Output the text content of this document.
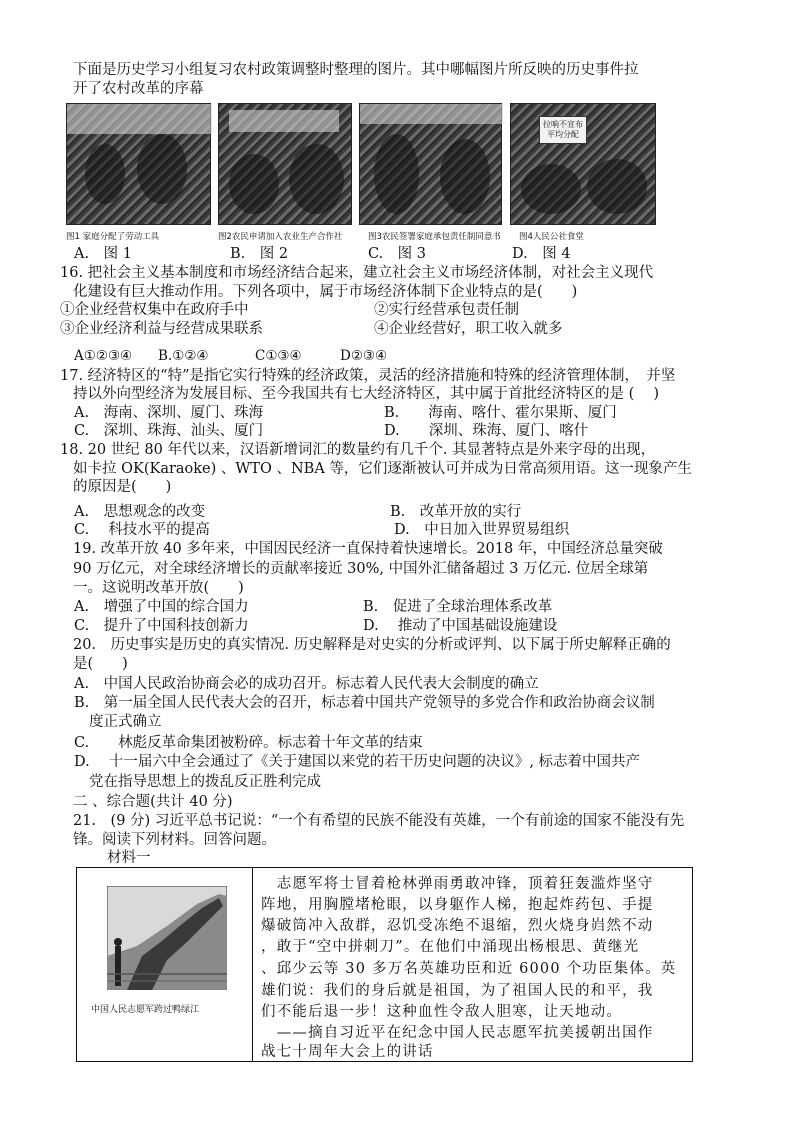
下面是历史学习小组复习农村政策调整时整理的图片。其中哪幅图片所反映的历史事件拉
开了农村改革的序幕
拉响不宣布 平均分配
图1 家庭分配了劳动工具	图2农民申请加入农业生产合作社	图3农民签署家庭承包责任制同意书 图4人民公社食堂
A.　图 1	B.　图 2	C.　图 3	D.　图 4
16. 把社会主义基本制度和市场经济结合起来，建立社会主义市场经济体制，对社会主义现代
化建设有巨大推动作用。下列各项中，属于市场经济体制下企业特点的是(　　)
①企业经营权集中在政府手中	②实行经营承包责任制
③企业经济利益与经营成果联系	④企业经营好，职工收入就多
A①②③④ B.①②④	C①③④	D②③④
17. 经济特区的“特”是指它实行特殊的经济政策，灵活的经济措施和特殊的经济管理体制，　并坚
持以外向型经济为发展目标、至今我国共有七大经济特区，其中属于首批经济特区的是 (　 )
A.　海南、深圳、厦门、珠海	B.　　海南、喀什、霍尔果斯、厦门
C.　深圳、珠海、汕头、厦门	D.　　深圳、珠海、厦门、喀什
18. 20 世纪 80 年代以来，汉语新增词汇的数量约有几千个. 其显著特点是外来字母的出现，
如卡拉 OK(Karaoke) 、WTO 、NBA 等，它们逐渐被认可并成为日常高须用语。这一现象产生
的原因是(　　)
A.　思想观念的改变	B.　改革开放的实行
C.　 科技水平的提高	D.　中日加入世界贸易组织
19. 改革开放 40 多年来，中国因民经济一直保持着快速增长。2018 年，中国经济总量突破
90 万亿元，对全球经济增长的贡献率接近 30%, 中国外汇储备超过 3 万亿元. 位居全球第
一。这说明改革开放(　　)
A.　增强了中国的综合国力	B.　促进了全球治理体系改革
C.　提升了中国科技创新力	D.　 推动了中国基础设施建设
20.　历史事实是历史的真实情况. 历史解释是对史实的分析或评判、以下属于所史解释正确的
是(　　)
A.　中国人民政治协商会必的成功召开。标志着人民代表大会制度的确立
B.　第一届全国人民代表大会的召开，标志着中国共产党领导的多党合作和政治协商会议制
度正式确立
C.　　林彪反革命集团被粉碎。标志着十年文革的结束
D.　 十一届六中全会通过了《关于建国以来党的若干历史问题的决议》, 标志着中国共产
党在指导思想上的拨乱反正胜利完成
二 、综合题(共计 40 分)
21.　(9 分) 习近平总书记说：“一个有希望的民族不能没有英雄，一个有前途的国家不能没有先
锋。阅读下列材料。回答问题。
材料一
中国人民志愿军跨过鸭绿江
　志愿军将士冒着枪林弹雨勇敢冲锋，顶着狂轰滥炸坚守
阵地，用胸膛堵枪眼，以身躯作人梯，抱起炸药包、手提
爆破筒冲入敌群，忍饥受冻绝不退缩，烈火烧身岿然不动
，敢于“空中拼刺刀”。在他们中涌现出杨根思、黄继光
、邱少云等 30 多万名英雄功臣和近 6000 个功臣集体。英
雄们说：我们的身后就是祖国，为了祖国人民的和平，我
们不能后退一步！这种血性令敌人胆寒，让天地动。
　——摘自习近平在纪念中国人民志愿军抗美援朝出国作
战七十周年大会上的讲话
